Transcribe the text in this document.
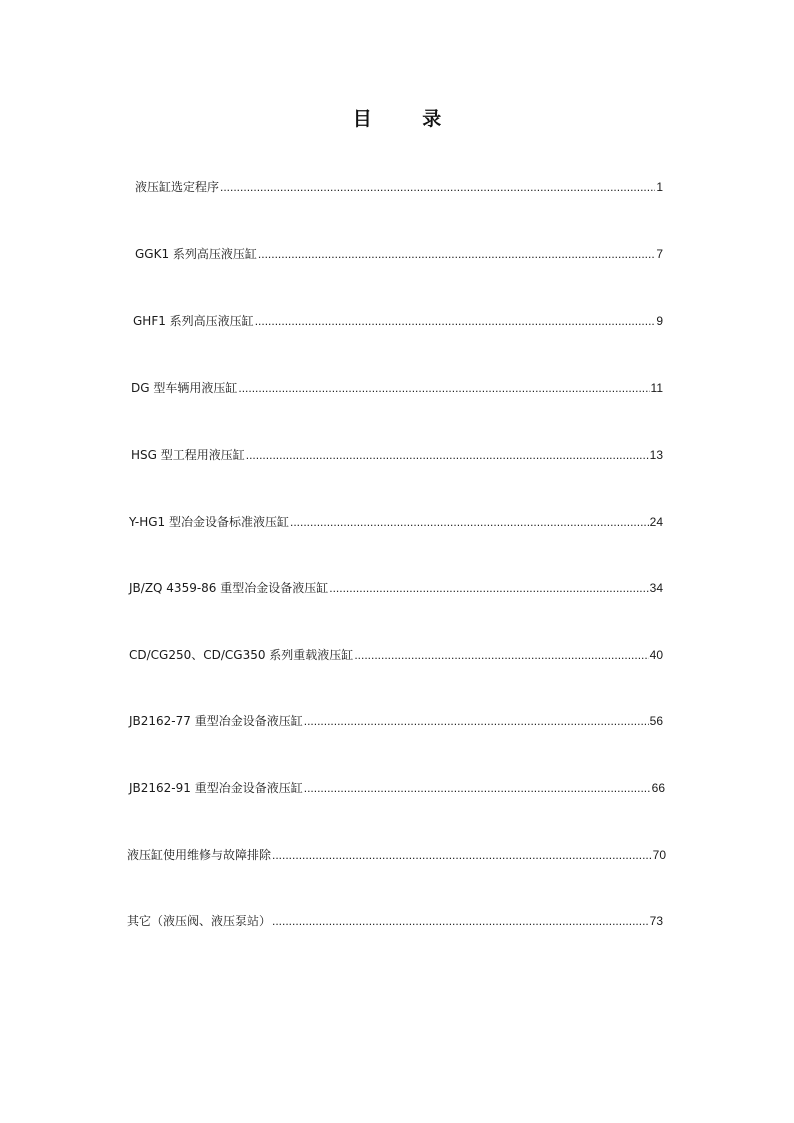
目 录
液压缸选定程序 .....	1
GGK1 系列高压液压缸 .....	7
GHF1 系列高压液压缸 .....	9
DG 型车辆用液压缸 .....	11
HSG 型工程用液压缸 .....	13
Y-HG1 型冶金设备标准液压缸 .....	24
JB/ZQ 4359-86 重型冶金设备液压缸 .....	34
CD/CG250、CD/CG350 系列重载液压缸 .....	40
JB2162-77 重型冶金设备液压缸 .....	56
JB2162-91 重型冶金设备液压缸 .....	66
液压缸使用维修与故障排除 .....	70
其它（液压阀、液压泵站） .....	73
